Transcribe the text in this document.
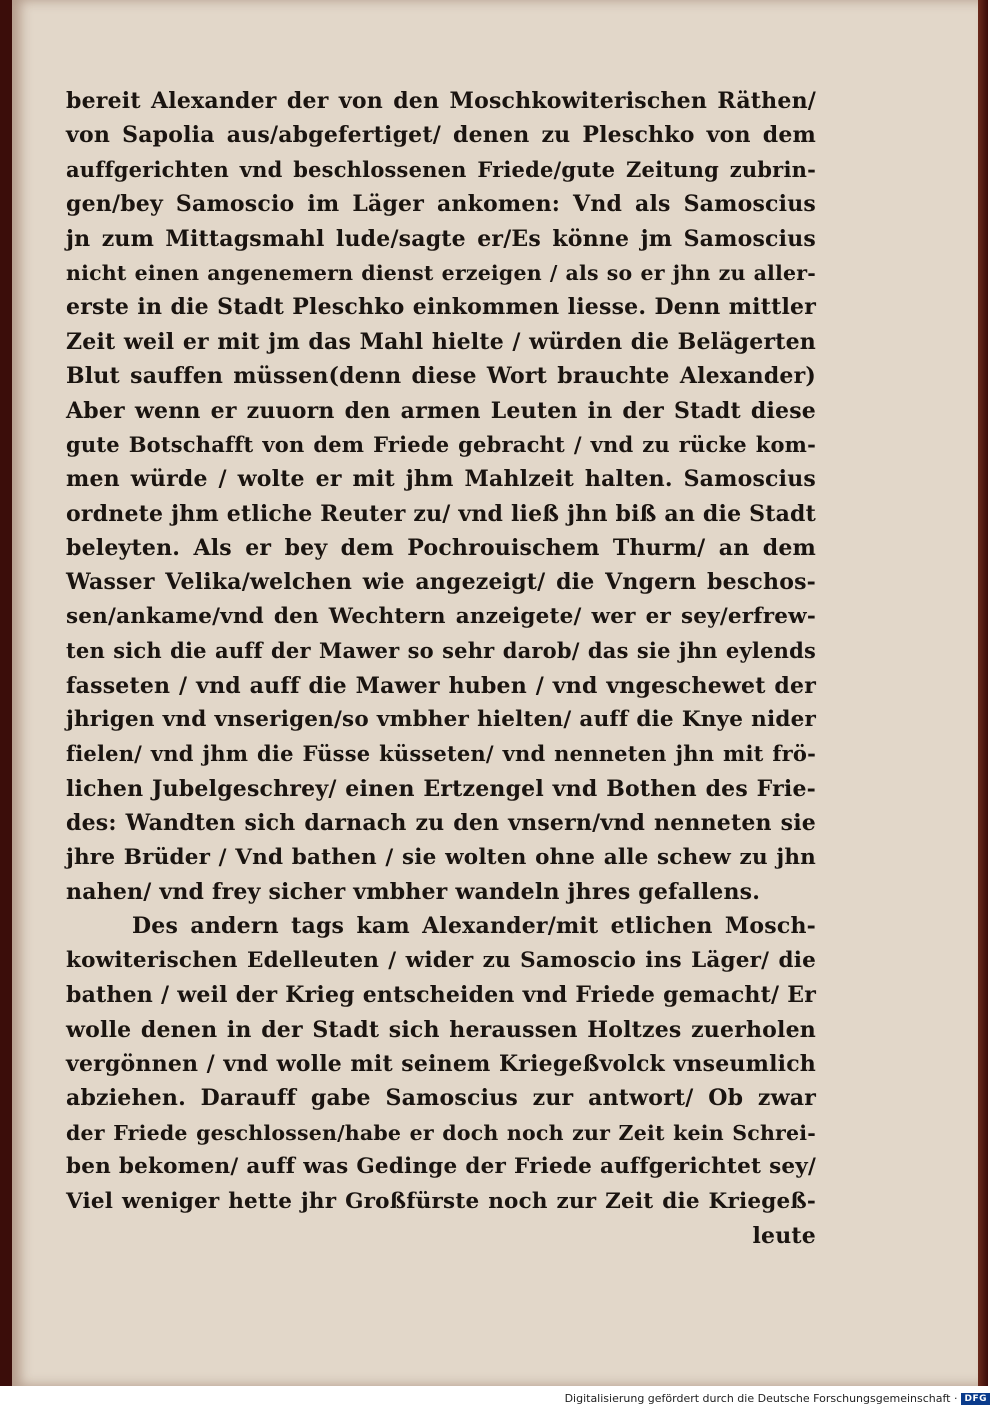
bereit Alexander der von den Moschkowiterischen Räthen/
von Sapolia aus/abgefertiget/ denen zu Pleschko von dem
auffgerichten vnd beschlossenen Friede/gute Zeitung zubrin-
gen/bey Samoscio im Läger ankomen: Vnd als Samoscius
jn zum Mittagsmahl lude/sagte er/Es könne jm Samoscius
nicht einen angenemern dienst erzeigen / als so er jhn zu aller-
erste in die Stadt Pleschko einkommen liesse. Denn mittler
Zeit weil er mit jm das Mahl hielte / würden die Belägerten
Blut sauffen müssen(denn diese Wort brauchte Alexander)
Aber wenn er zuuorn den armen Leuten in der Stadt diese
gute Botschafft von dem Friede gebracht / vnd zu rücke kom-
men würde / wolte er mit jhm Mahlzeit halten. Samoscius
ordnete jhm etliche Reuter zu/ vnd ließ jhn biß an die Stadt
beleyten. Als er bey dem Pochrouischem Thurm/ an dem
Wasser Velika/welchen wie angezeigt/ die Vngern beschos-
sen/ankame/vnd den Wechtern anzeigete/ wer er sey/erfrew-
ten sich die auff der Mawer so sehr darob/ das sie jhn eylends
fasseten / vnd auff die Mawer huben / vnd vngeschewet der
jhrigen vnd vnserigen/so vmbher hielten/ auff die Knye nider
fielen/ vnd jhm die Füsse küsseten/ vnd nenneten jhn mit frö-
lichen Jubelgeschrey/ einen Ertzengel vnd Bothen des Frie-
des: Wandten sich darnach zu den vnsern/vnd nenneten sie
jhre Brüder / Vnd bathen / sie wolten ohne alle schew zu jhn
nahen/ vnd frey sicher vmbher wandeln jhres gefallens.
Des andern tags kam Alexander/mit etlichen Mosch-
kowiterischen Edelleuten / wider zu Samoscio ins Läger/ die
bathen / weil der Krieg entscheiden vnd Friede gemacht/ Er
wolle denen in der Stadt sich heraussen Holtzes zuerholen
vergönnen / vnd wolle mit seinem Kriegeßvolck vnseumlich
abziehen. Darauff gabe Samoscius zur antwort/ Ob zwar
der Friede geschlossen/habe er doch noch zur Zeit kein Schrei-
ben bekomen/ auff was Gedinge der Friede auffgerichtet sey/
Viel weniger hette jhr Großfürste noch zur Zeit die Kriegeß-
leute
Digitalisierung gefördert durch die Deutsche Forschungsgemeinschaft · DFG
